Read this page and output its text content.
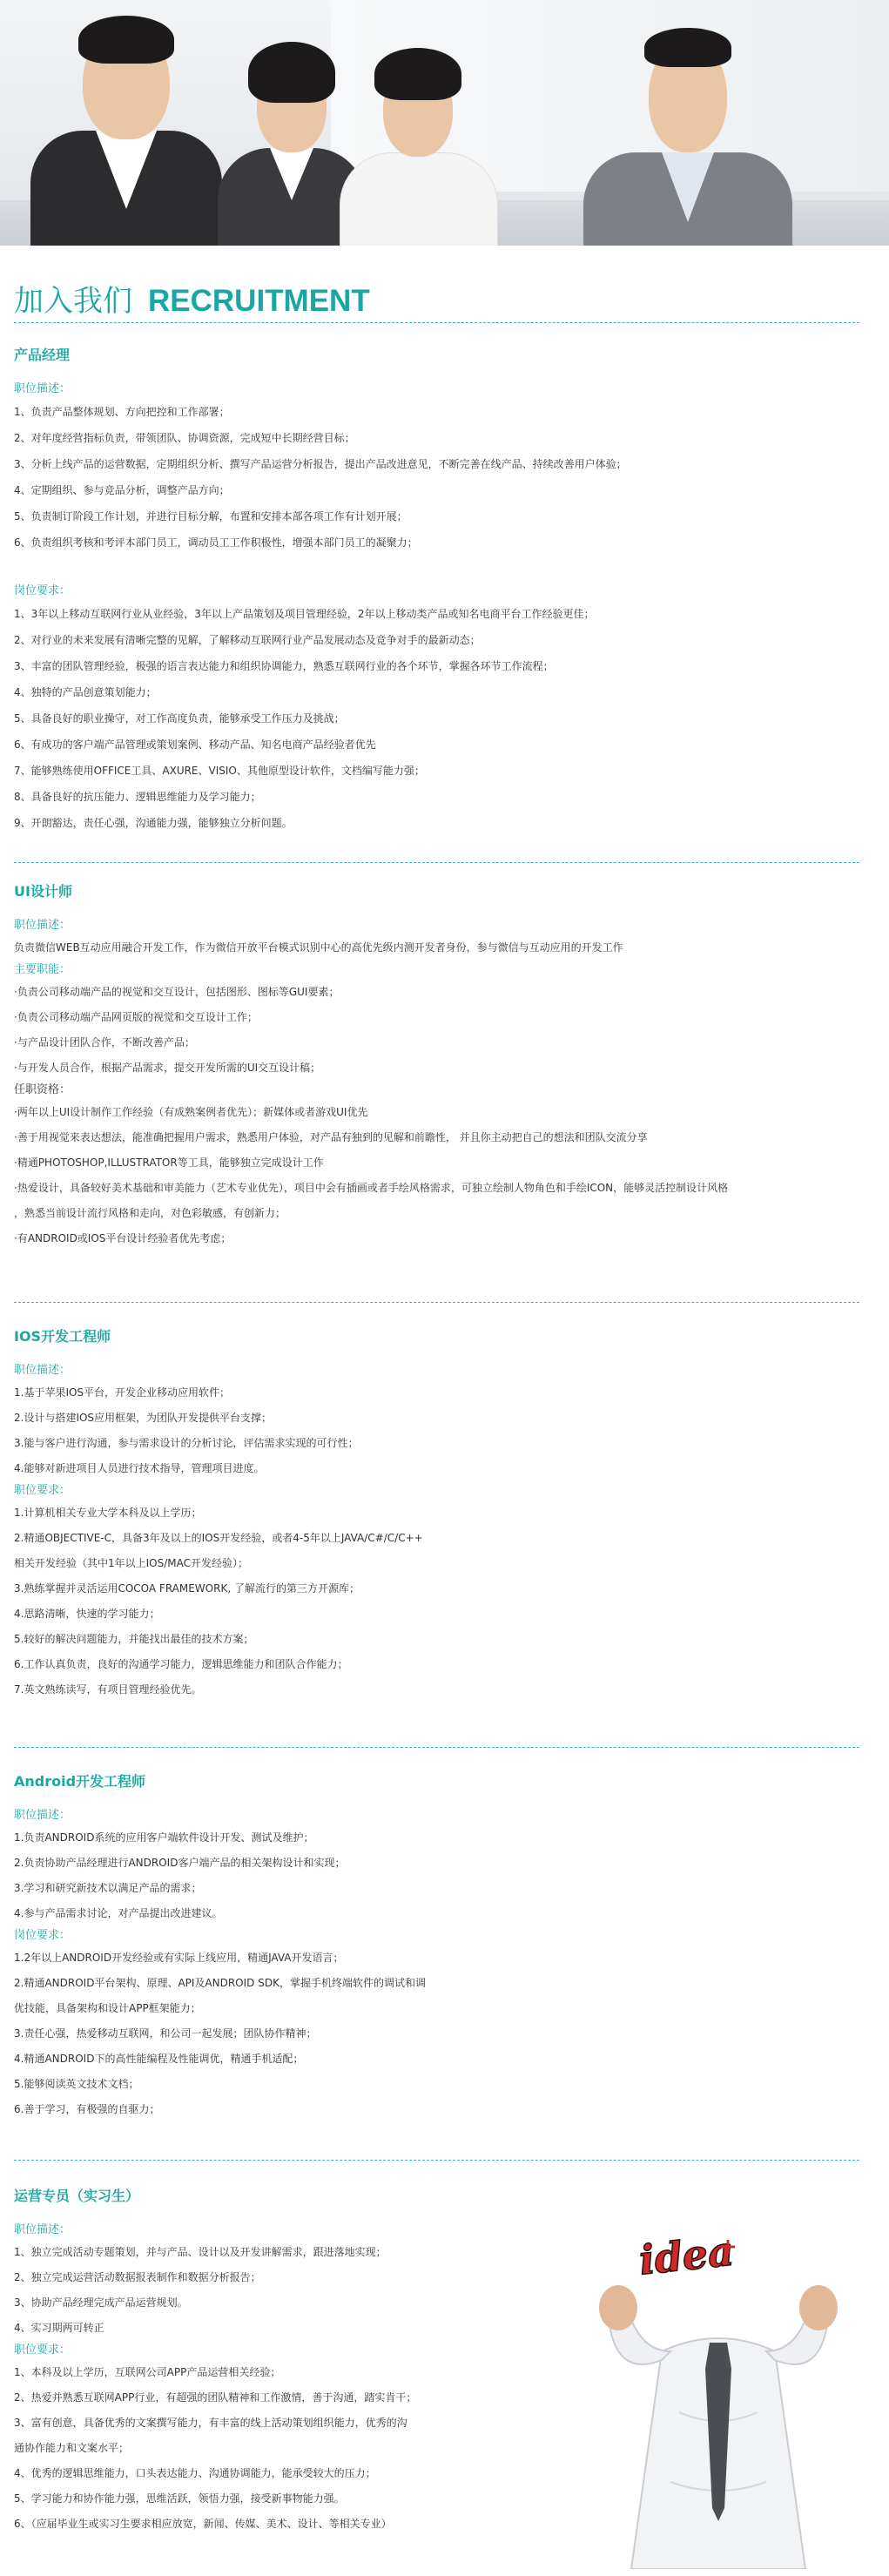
加入我们 RECRUITMENT
产品经理
职位描述：
1、负责产品整体规划、方向把控和工作部署；
2、对年度经营指标负责，带领团队、协调资源，完成短中长期经营目标；
3、分析上线产品的运营数据，定期组织分析、撰写产品运营分析报告，提出产品改进意见，不断完善在线产品、持续改善用户体验；
4、定期组织、参与竞品分析，调整产品方向；
5、负责制订阶段工作计划，并进行目标分解，布置和安排本部各项工作有计划开展；
6、负责组织考核和考评本部门员工，调动员工工作积极性，增强本部门员工的凝聚力；
岗位要求：
1、3年以上移动互联网行业从业经验，3年以上产品策划及项目管理经验，2年以上移动类产品或知名电商平台工作经验更佳；
2、对行业的未来发展有清晰完整的见解，了解移动互联网行业产品发展动态及竞争对手的最新动态；
3、丰富的团队管理经验，极强的语言表达能力和组织协调能力，熟悉互联网行业的各个环节，掌握各环节工作流程；
4、独特的产品创意策划能力；
5、具备良好的职业操守，对工作高度负责，能够承受工作压力及挑战；
6、有成功的客户端产品管理或策划案例、移动产品、知名电商产品经验者优先
7、能够熟练使用OFFICE工具、AXURE、VISIO、其他原型设计软件，文档编写能力强；
8、具备良好的抗压能力、逻辑思维能力及学习能力；
9、开朗豁达，责任心强，沟通能力强，能够独立分析问题。
UI设计师
职位描述：
负责微信WEB互动应用融合开发工作，作为微信开放平台模式识别中心的高优先级内测开发者身份，参与微信与互动应用的开发工作
主要职能：
·负责公司移动端产品的视觉和交互设计，包括图形、图标等GUI要素；
·负责公司移动端产品网页版的视觉和交互设计工作；
·与产品设计团队合作，不断改善产品；
·与开发人员合作，根据产品需求，提交开发所需的UI交互设计稿；
任职资格：
·两年以上UI设计制作工作经验（有成熟案例者优先）；新媒体或者游戏UI优先
·善于用视觉来表达想法，能准确把握用户需求，熟悉用户体验，对产品有独到的见解和前瞻性， 并且你主动把自己的想法和团队交流分享
·精通PHOTOSHOP,ILLUSTRATOR等工具，能够独立完成设计工作
·热爱设计，具备较好美术基础和审美能力（艺术专业优先），项目中会有插画或者手绘风格需求，可独立绘制人物角色和手绘ICON，能够灵活控制设计风格
，熟悉当前设计流行风格和走向，对色彩敏感，有创新力；
·有ANDROID或IOS平台设计经验者优先考虑；
IOS开发工程师
职位描述：
1.基于苹果IOS平台，开发企业移动应用软件；
2.设计与搭建IOS应用框架，为团队开发提供平台支撑；
3.能与客户进行沟通，参与需求设计的分析讨论，评估需求实现的可行性；
4.能够对新进项目人员进行技术指导，管理项目进度。
职位要求：
1.计算机相关专业大学本科及以上学历；
2.精通OBJECTIVE-C，具备3年及以上的IOS开发经验，或者4-5年以上JAVA/C#/C/C++
相关开发经验（其中1年以上IOS/MAC开发经验）；
3.熟练掌握并灵活运用COCOA FRAMEWORK, 了解流行的第三方开源库；
4.思路清晰，快速的学习能力；
5.较好的解决问题能力，并能找出最佳的技术方案；
6.工作认真负责，良好的沟通学习能力，逻辑思维能力和团队合作能力；
7.英文熟练读写，有项目管理经验优先。
Android开发工程师
职位描述：
1.负责ANDROID系统的应用客户端软件设计开发、测试及维护；
2.负责协助产品经理进行ANDROID客户端产品的相关架构设计和实现；
3.学习和研究新技术以满足产品的需求；
4.参与产品需求讨论，对产品提出改进建议。
岗位要求：
1.2年以上ANDROID开发经验或有实际上线应用，精通JAVA开发语言；
2.精通ANDROID平台架构、原理、API及ANDROID SDK，掌握手机终端软件的调试和调
优技能，具备架构和设计APP框架能力；
3.责任心强，热爱移动互联网，和公司一起发展；团队协作精神；
4.精通ANDROID下的高性能编程及性能调优，精通手机适配；
5.能够阅读英文技术文档；
6.善于学习，有极强的自驱力；
运营专员（实习生）
职位描述：
1、独立完成活动专题策划，并与产品、设计以及开发讲解需求，跟进落地实现；
2、独立完成运营活动数据报表制作和数据分析报告；
3、协助产品经理完成产品运营规划。
4、实习期两可转正
职位要求：
1、本科及以上学历，互联网公司APP产品运营相关经验；
2、热爱并熟悉互联网APP行业，有超强的团队精神和工作激情，善于沟通，踏实肯干；
3、富有创意，具备优秀的文案撰写能力，有丰富的线上活动策划组织能力，优秀的沟
通协作能力和文案水平；
4、优秀的逻辑思维能力，口头表达能力、沟通协调能力，能承受较大的压力；
5、学习能力和协作能力强，思维活跃，领悟力强，接受新事物能力强。
6、（应届毕业生或实习生要求相应放宽，新闻、传媒、美术、设计、等相关专业）
idea
